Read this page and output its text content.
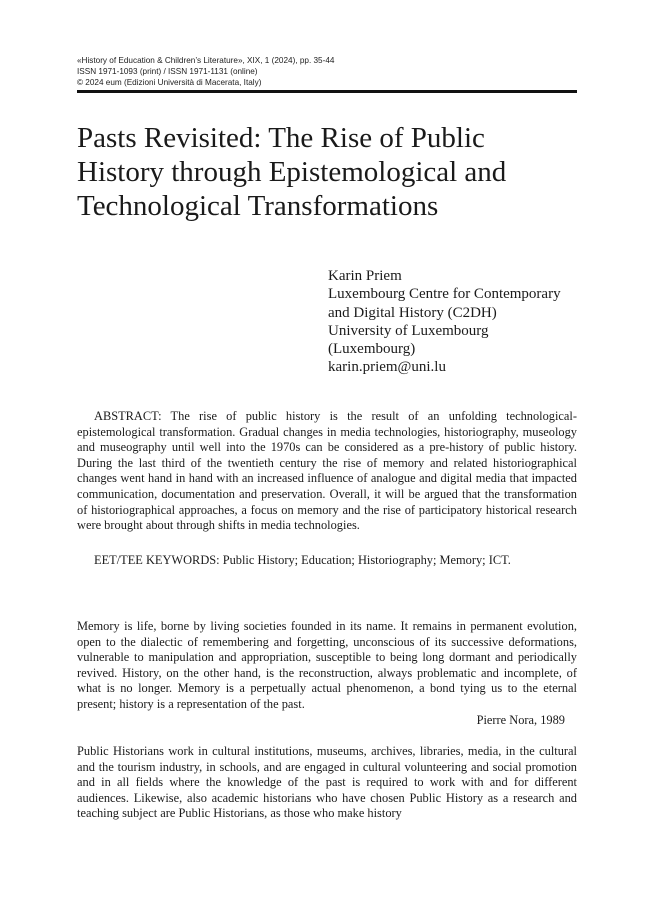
«History of Education & Children’s Literature», XIX, 1 (2024), pp. 35-44
ISSN 1971-1093 (print) / ISSN 1971-1131 (online)
© 2024 eum (Edizioni Università di Macerata, Italy)
Pasts Revisited: The Rise of Public
History through Epistemological and
Technological Transformations
Karin Priem
Luxembourg Centre for Contemporary
and Digital History (C2DH)
University of Luxembourg
(Luxembourg)
karin.priem@uni.lu

ABSTRACT: The rise of public history is the result of an unfolding technological-epistemological transformation. Gradual changes in media technologies, historiography, museology and museography until well into the 1970s can be considered as a pre-history of public history. During the last third of the twentieth century the rise of memory and related historiographical changes went hand in hand with an increased influence of analogue and digital media that impacted communication, documentation and preservation. Overall, it will be argued that the transformation of historiographical approaches, a focus on memory and the rise of participatory historical research were brought about through shifts in media technologies.

EET/TEE KEYWORDS: Public History; Education; Historiography; Memory; ICT.
Memory is life, borne by living societies founded in its name. It remains in permanent evolution, open to the dialectic of remembering and forgetting, unconscious of its successive deformations, vulnerable to manipulation and appropriation, susceptible to being long dormant and periodically revived. History, on the other hand, is the reconstruction, always problematic and incomplete, of what is no longer. Memory is a perpetually actual phenomenon, a bond tying us to the eternal present; history is a representation of the past.
Pierre Nora, 1989

Public Historians work in cultural institutions, museums, archives, libraries, media, in the cultural and the tourism industry, in schools, and are engaged in cultural volunteering and social promotion and in all fields where the knowledge of the past is required to work with and for different audiences. Likewise, also academic historians who have chosen Public History as a research and teaching subject are Public Historians, as those who make history
